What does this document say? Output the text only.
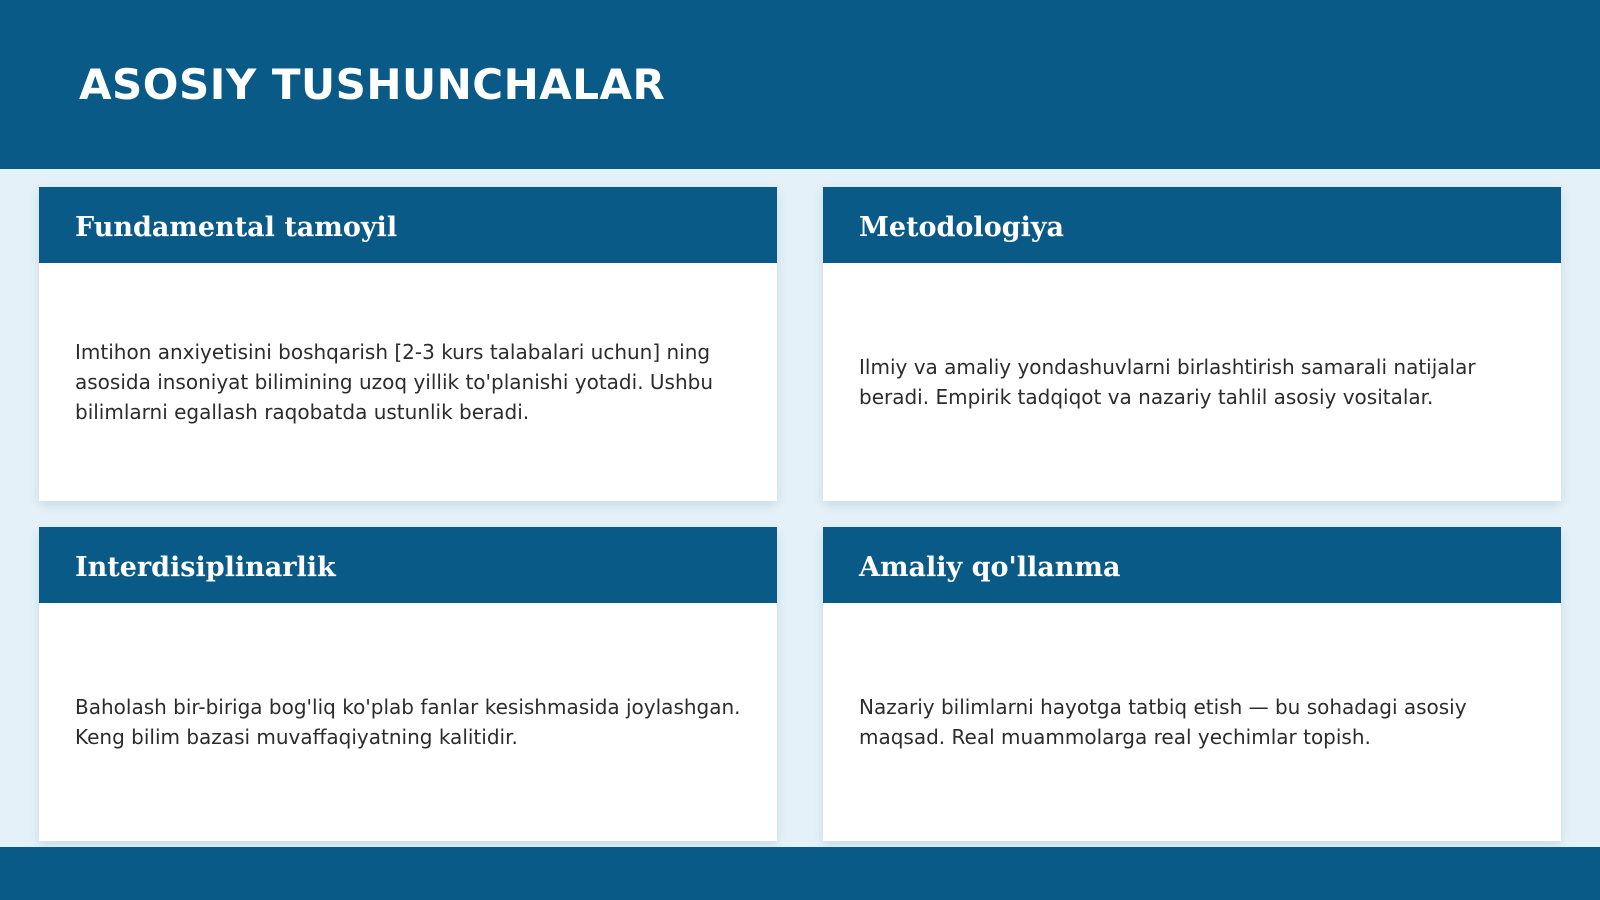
ASOSIY TUSHUNCHALAR
Fundamental tamoyil

Imtihon anxiyetisini boshqarish [2-3 kurs talabalari uchun] ning asosida insoniyat bilimining uzoq yillik to'planishi yotadi. Ushbu bilimlarni egallash raqobatda ustunlik beradi.

Metodologiya

Ilmiy va amaliy yondashuvlarni birlashtirish samarali natijalar beradi. Empirik tadqiqot va nazariy tahlil asosiy vositalar.

Interdisiplinarlik

Baholash bir-biriga bog'liq ko'plab fanlar kesishmasida joylashgan. Keng bilim bazasi muvaffaqiyatning kalitidir.

Amaliy qo'llanma

Nazariy bilimlarni hayotga tatbiq etish — bu sohadagi asosiy maqsad. Real muammolarga real yechimlar topish.
